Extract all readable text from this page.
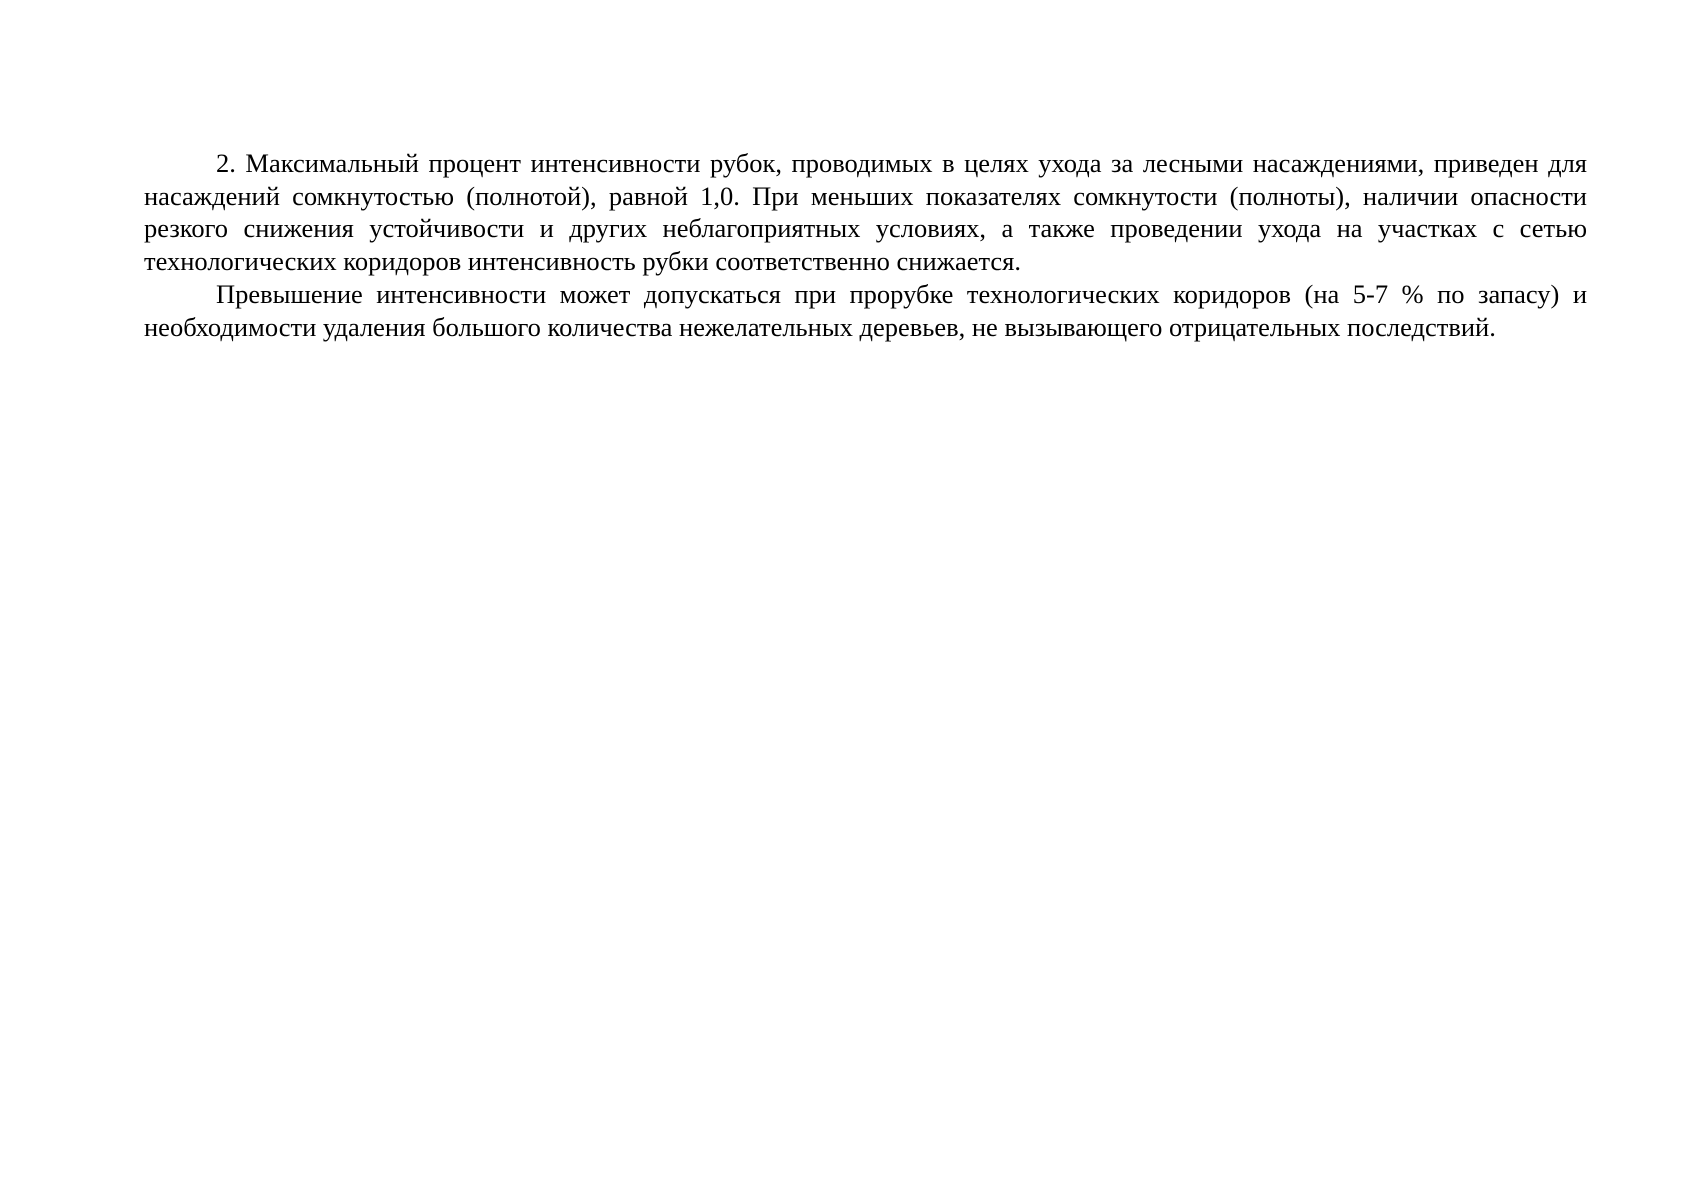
2. Максимальный процент интенсивности рубок, проводимых в целях ухода за лесными насаждениями, приведен для насаждений сомкнутостью (полнотой), равной 1,0. При меньших показателях сомкнутости (полноты), наличии опасности резкого снижения устойчивости и других неблагоприятных условиях, а также проведении ухода на участках с сетью технологических коридоров интенсивность рубки соответственно снижается.

Превышение интенсивности может допускаться при прорубке технологических коридоров (на 5-7 % по запасу) и необходимости удаления большого количества нежелательных деревьев, не вызывающего отрицательных последствий.
